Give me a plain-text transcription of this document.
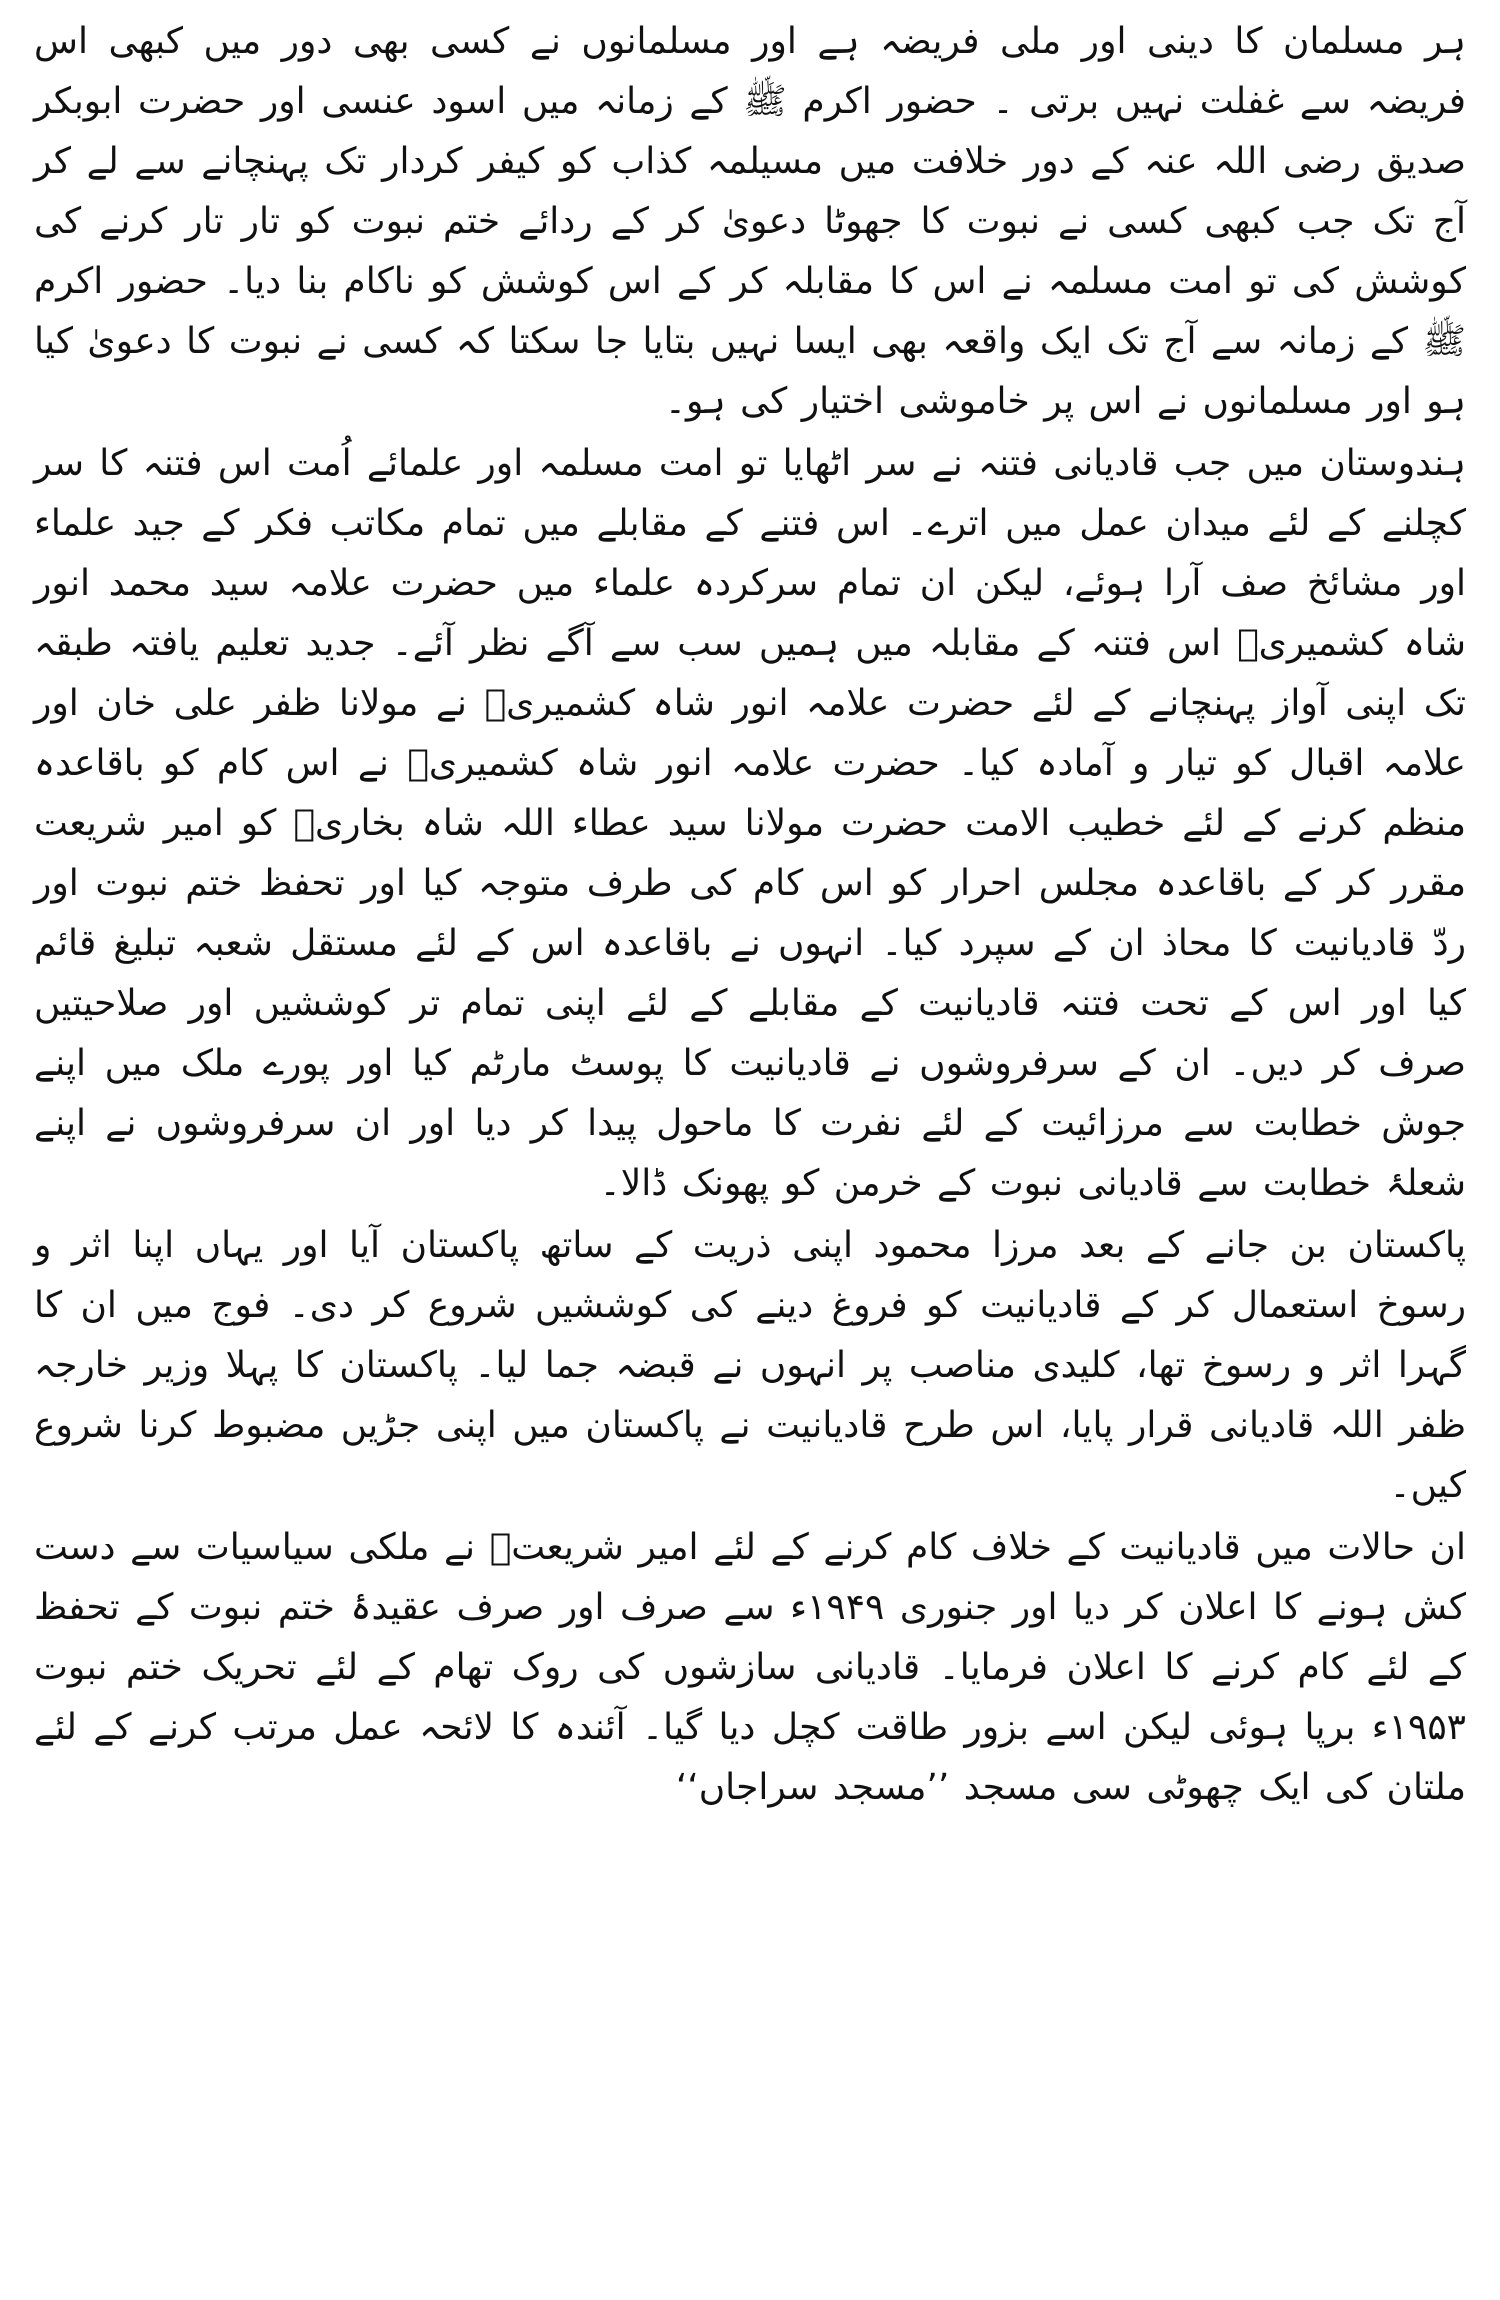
ہر مسلمان کا دینی اور ملی فریضہ ہے اور مسلمانوں نے کسی بھی دور میں کبھی اس فریضہ سے غفلت نہیں برتی ۔ حضور اکرم ﷺ کے زمانہ میں اسود عنسی اور حضرت ابوبکر صدیق رضی اللہ عنہ کے دور خلافت میں مسیلمہ کذاب کو کیفر کردار تک پہنچانے سے لے کر آج تک جب کبھی کسی نے نبوت کا جھوٹا دعویٰ کر کے ردائے ختم نبوت کو تار تار کرنے کی کوشش کی تو امت مسلمہ نے اس کا مقابلہ کر کے اس کوشش کو ناکام بنا دیا۔ حضور اکرم ﷺ کے زمانہ سے آج تک ایک واقعہ بھی ایسا نہیں بتایا جا سکتا کہ کسی نے نبوت کا دعویٰ کیا ہو اور مسلمانوں نے اس پر خاموشی اختیار کی ہو۔

ہندوستان میں جب قادیانی فتنہ نے سر اٹھایا تو امت مسلمہ اور علمائے اُمت اس فتنہ کا سر کچلنے کے لئے میدان عمل میں اترے۔ اس فتنے کے مقابلے میں تمام مکاتب فکر کے جید علماء اور مشائخ صف آرا ہوئے، لیکن ان تمام سرکردہ علماء میں حضرت علامہ سید محمد انور شاہ کشمیریؒ اس فتنہ کے مقابلہ میں ہمیں سب سے آگے نظر آئے۔ جدید تعلیم یافتہ طبقہ تک اپنی آواز پہنچانے کے لئے حضرت علامہ انور شاہ کشمیریؒ نے مولانا ظفر علی خان اور علامہ اقبال کو تیار و آمادہ کیا۔ حضرت علامہ انور شاہ کشمیریؒ نے اس کام کو باقاعدہ منظم کرنے کے لئے خطیب الامت حضرت مولانا سید عطاء اللہ شاہ بخاریؒ کو امیر شریعت مقرر کر کے باقاعدہ مجلس احرار کو اس کام کی طرف متوجہ کیا اور تحفظ ختم نبوت اور ردّ قادیانیت کا محاذ ان کے سپرد کیا۔ انہوں نے باقاعدہ اس کے لئے مستقل شعبہ تبلیغ قائم کیا اور اس کے تحت فتنہ قادیانیت کے مقابلے کے لئے اپنی تمام تر کوششیں اور صلاحیتیں صرف کر دیں۔ ان کے سرفروشوں نے قادیانیت کا پوسٹ مارٹم کیا اور پورے ملک میں اپنے جوش خطابت سے مرزائیت کے لئے نفرت کا ماحول پیدا کر دیا اور ان سرفروشوں نے اپنے شعلۂ خطابت سے قادیانی نبوت کے خرمن کو پھونک ڈالا۔

پاکستان بن جانے کے بعد مرزا محمود اپنی ذریت کے ساتھ پاکستان آیا اور یہاں اپنا اثر و رسوخ استعمال کر کے قادیانیت کو فروغ دینے کی کوششیں شروع کر دی۔ فوج میں ان کا گہرا اثر و رسوخ تھا، کلیدی مناصب پر انہوں نے قبضہ جما لیا۔ پاکستان کا پہلا وزیر خارجہ ظفر اللہ قادیانی قرار پایا، اس طرح قادیانیت نے پاکستان میں اپنی جڑیں مضبوط کرنا شروع کیں۔

ان حالات میں قادیانیت کے خلاف کام کرنے کے لئے امیر شریعتؒ نے ملکی سیاسیات سے دست کش ہونے کا اعلان کر دیا اور جنوری ۱۹۴۹ء سے صرف اور صرف عقیدۂ ختم نبوت کے تحفظ کے لئے کام کرنے کا اعلان فرمایا۔ قادیانی سازشوں کی روک تھام کے لئے تحریک ختم نبوت ۱۹۵۳ء برپا ہوئی لیکن اسے بزور طاقت کچل دیا گیا۔ آئندہ کا لائحہ عمل مرتب کرنے کے لئے ملتان کی ایک چھوٹی سی مسجد ’’مسجد سراجاں‘‘
